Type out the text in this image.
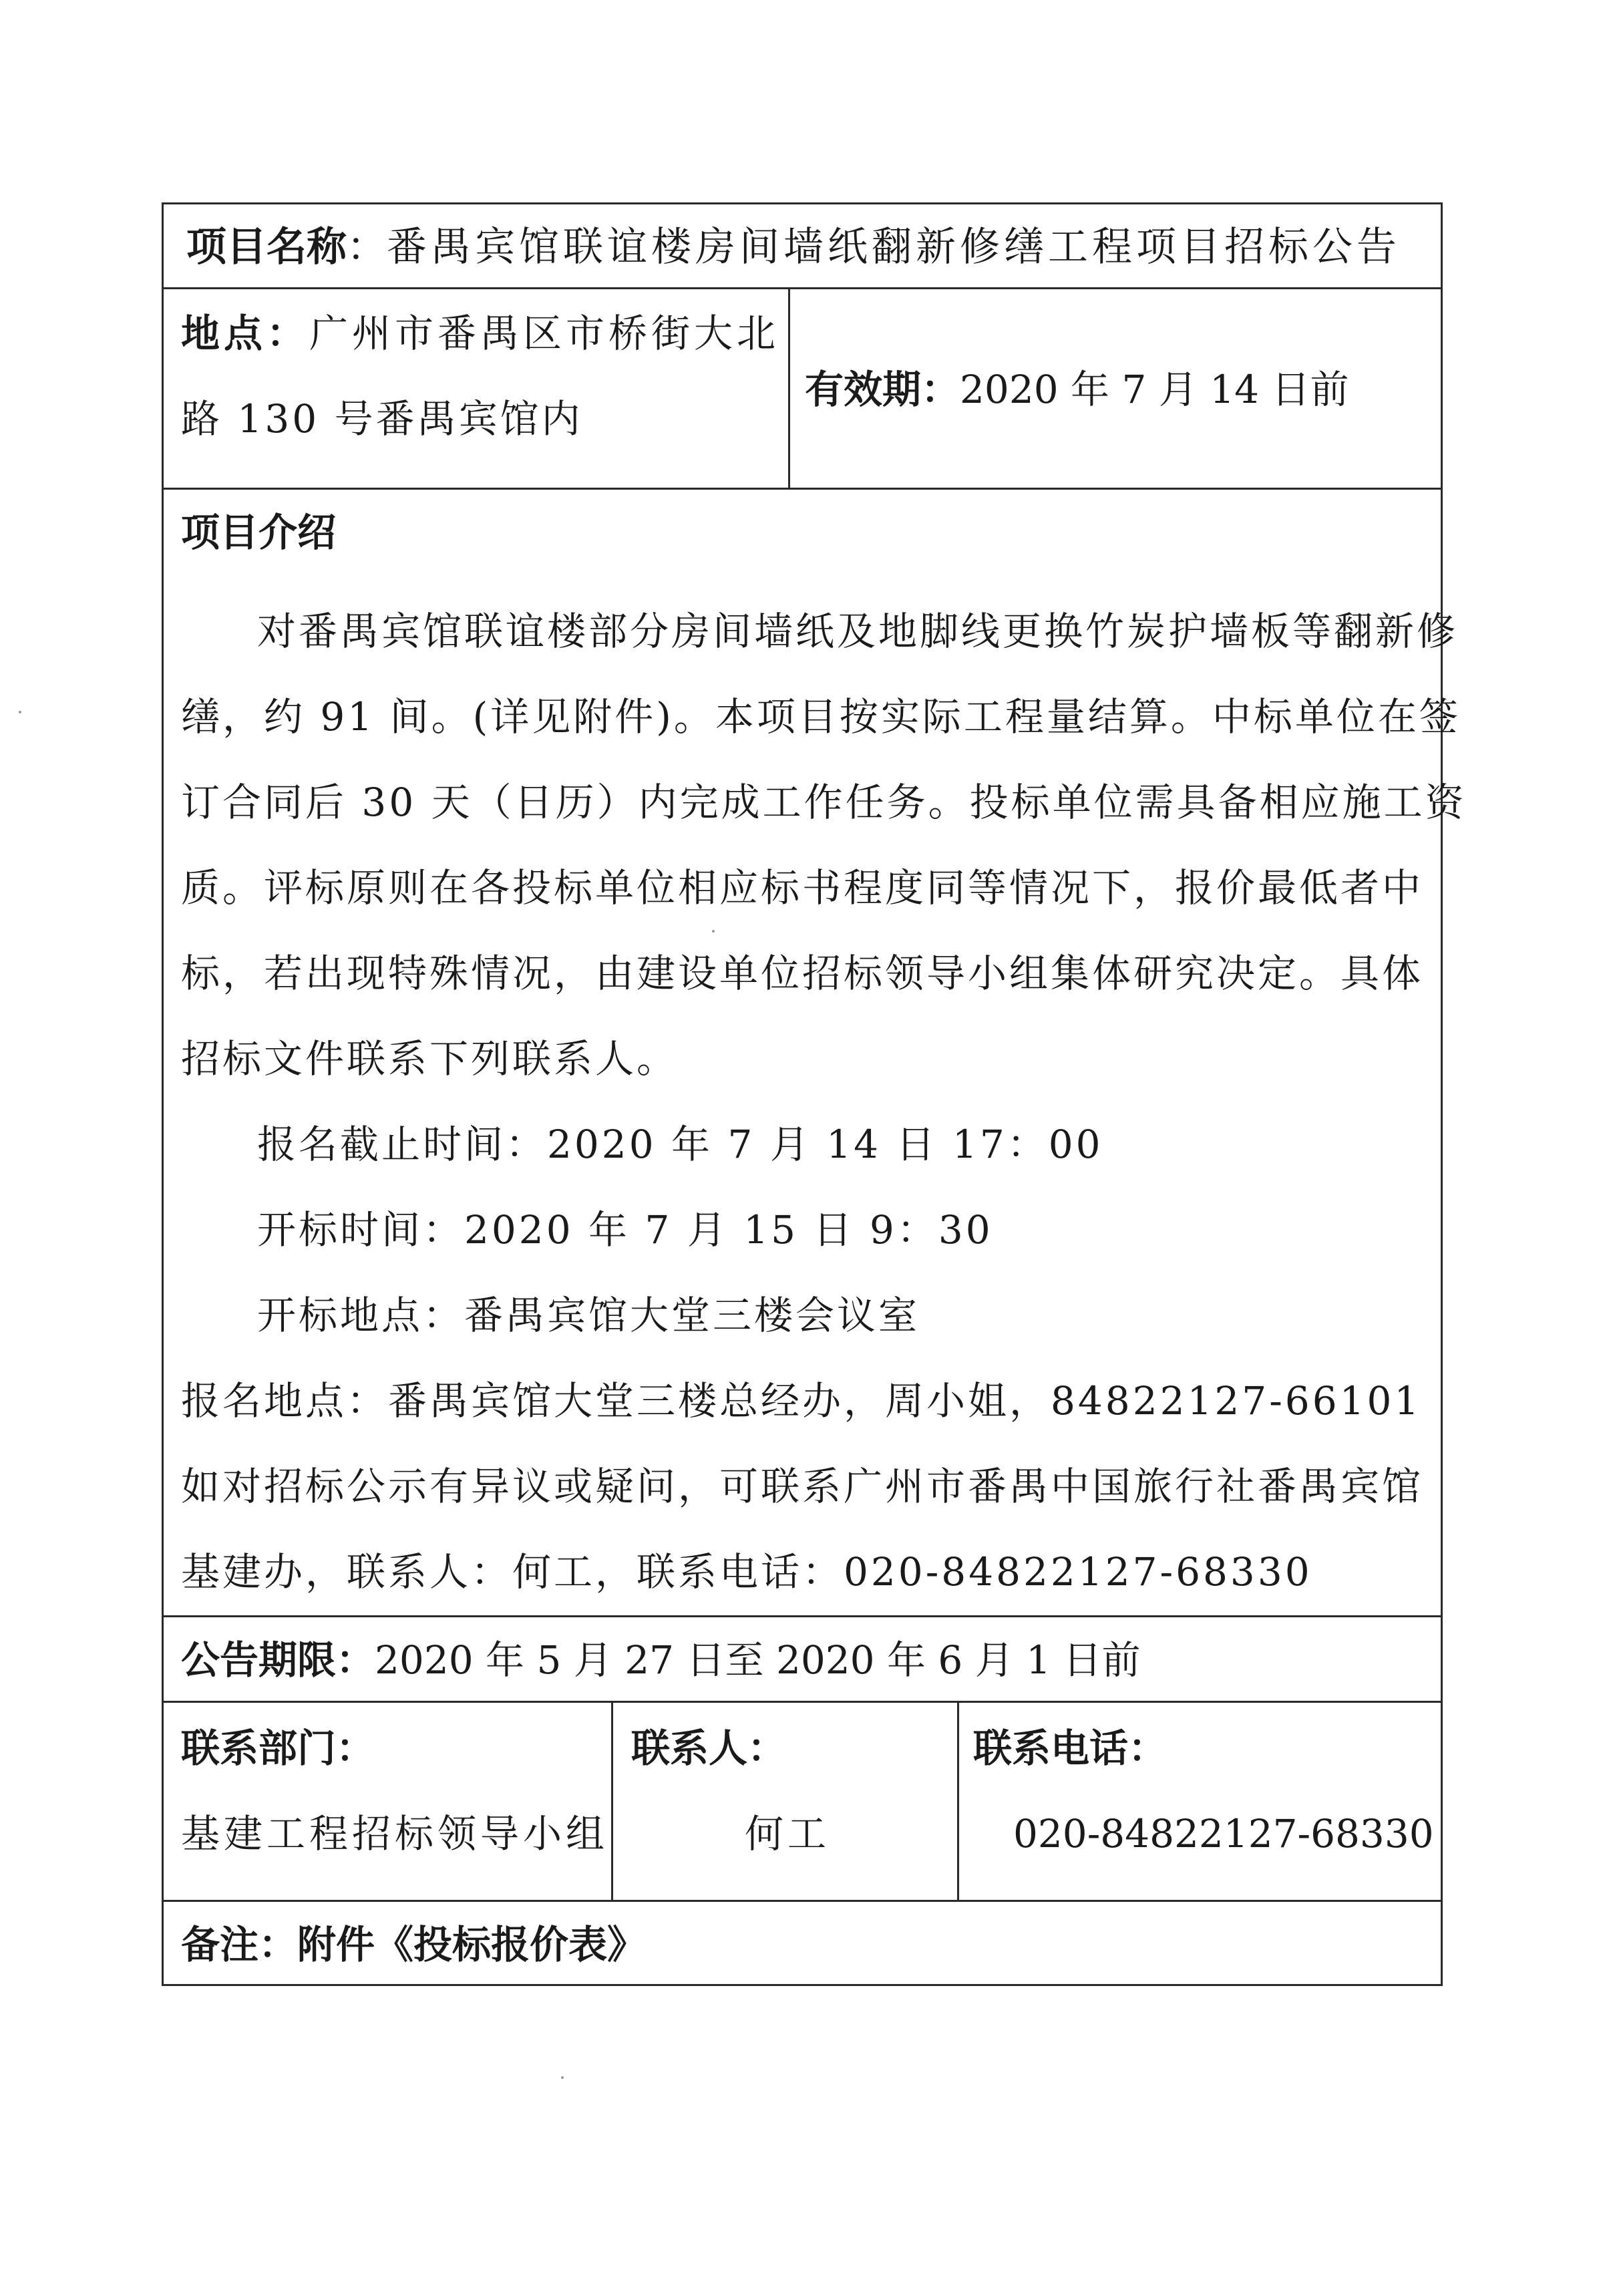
项目名称：番禺宾馆联谊楼房间墙纸翻新修缮工程项目招标公告
地点：广州市番禺区市桥街大北
路 130 号番禺宾馆内
有效期：2020 年 7 月 14 日前
项目介绍
对番禺宾馆联谊楼部分房间墙纸及地脚线更换竹炭护墙板等翻新修
缮，约 91 间。(详见附件)。本项目按实际工程量结算。中标单位在签
订合同后 30 天（日历）内完成工作任务。投标单位需具备相应施工资
质。评标原则在各投标单位相应标书程度同等情况下，报价最低者中
标，若出现特殊情况，由建设单位招标领导小组集体研究决定。具体
招标文件联系下列联系人。
报名截止时间：2020 年 7 月 14 日 17：00
开标时间：2020 年 7 月 15 日 9：30
开标地点：番禺宾馆大堂三楼会议室
报名地点：番禺宾馆大堂三楼总经办，周小姐，84822127-66101
如对招标公示有异议或疑问，可联系广州市番禺中国旅行社番禺宾馆
基建办，联系人：何工，联系电话：020-84822127-68330
公告期限：2020 年 5 月 27 日至 2020 年 6 月 1 日前
联系部门：
基建工程招标领导小组
联系人：
何工
联系电话：
020-84822127-68330
备注：附件《投标报价表》
